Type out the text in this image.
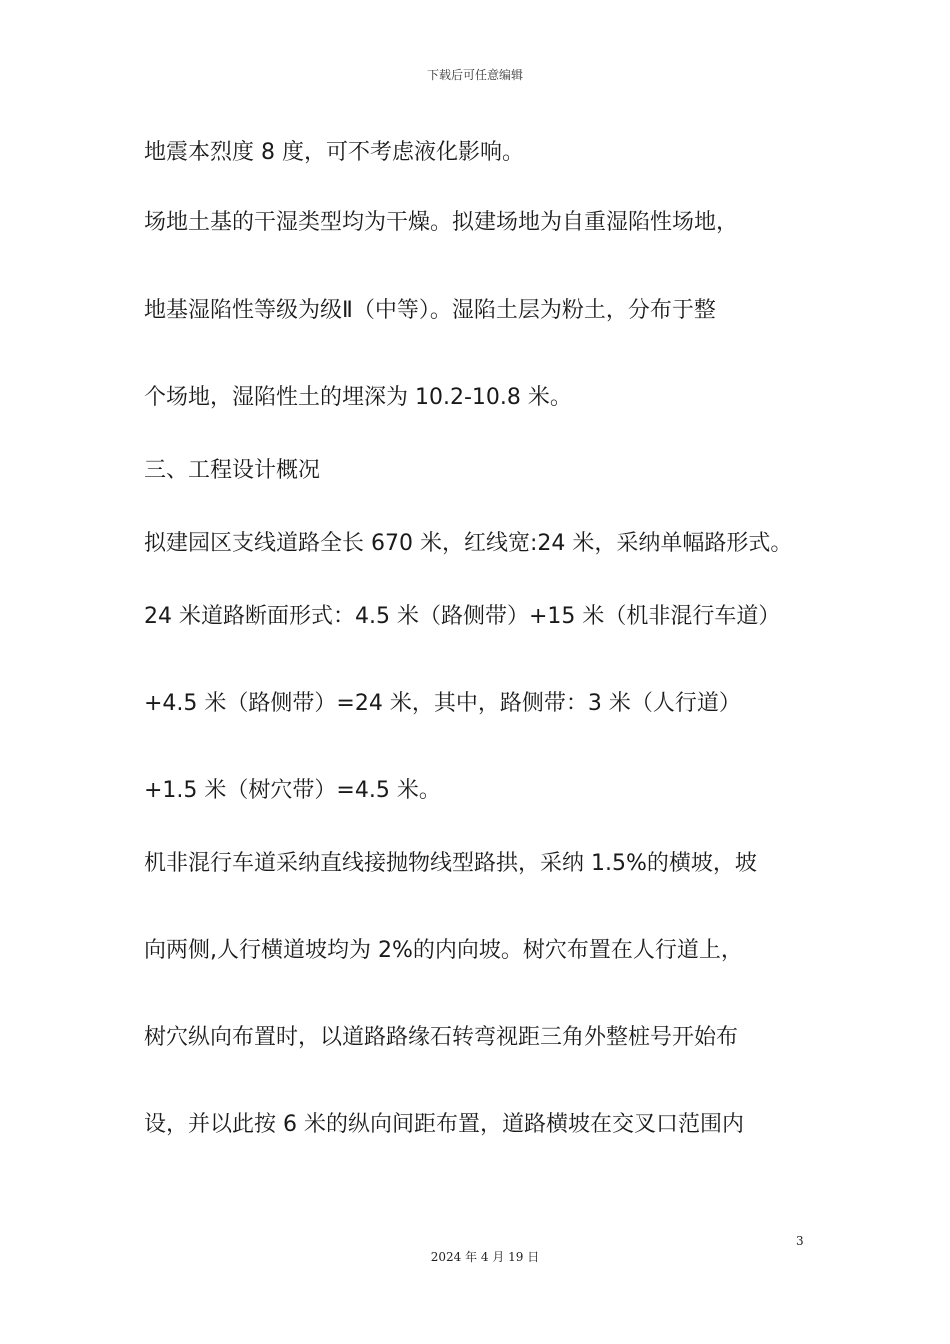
下载后可任意编辑
地震本烈度 8 度，可不考虑液化影响。
场地土基的干湿类型均为干燥。拟建场地为自重湿陷性场地，
地基湿陷性等级为级Ⅱ（中等）。湿陷土层为粉土，分布于整
个场地，湿陷性土的埋深为 10.2-10.8 米。
三、工程设计概况
拟建园区支线道路全长 670 米，红线宽:24 米，采纳单幅路形式。
24 米道路断面形式：4.5 米（路侧带）+15 米（机非混行车道）
+4.5 米（路侧带）=24 米，其中，路侧带：3 米（人行道）
+1.5 米（树穴带）=4.5 米。
机非混行车道采纳直线接抛物线型路拱，采纳 1.5%的横坡，坡
向两侧,人行横道坡均为 2%的内向坡。树穴布置在人行道上，
树穴纵向布置时，以道路路缘石转弯视距三角外整桩号开始布
设，并以此按 6 米的纵向间距布置，道路横坡在交叉口范围内
3
2024 年 4 月 19 日
